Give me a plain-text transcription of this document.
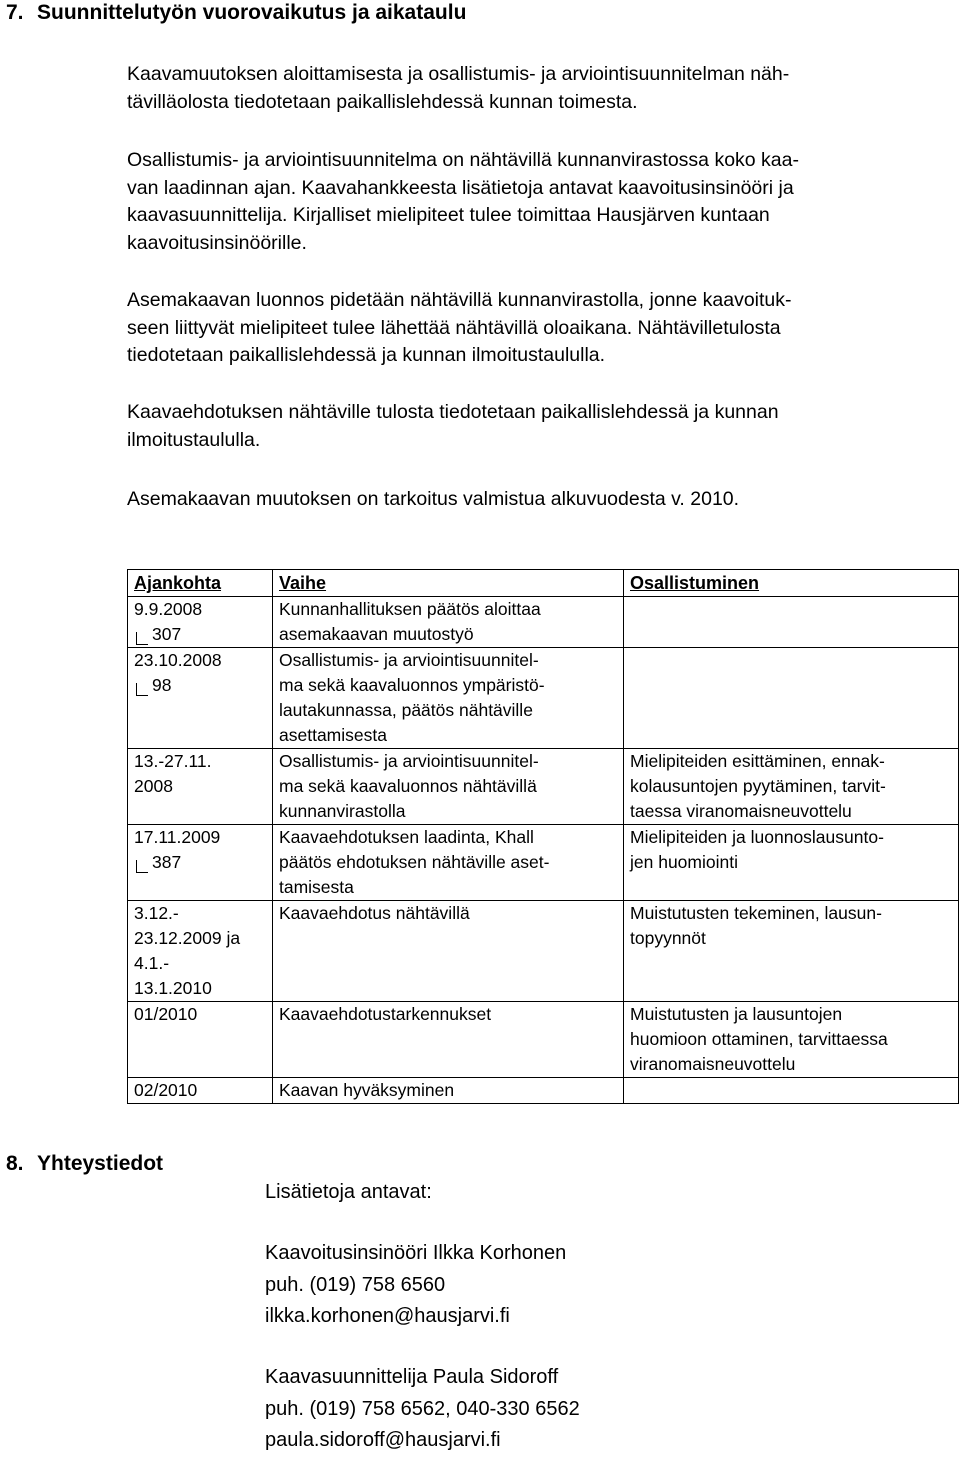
7. Suunnittelutyön vuorovaikutus ja aikataulu

Kaavamuutoksen aloittamisesta ja osallistumis- ja arviointisuunnitelman näh-
tävilläolosta tiedotetaan paikallislehdessä kunnan toimesta.

Osallistumis- ja arviointisuunnitelma on nähtävillä kunnanvirastossa koko kaa-
van laadinnan ajan. Kaavahankkeesta lisätietoja antavat kaavoitusinsinööri ja
kaavasuunnittelija. Kirjalliset mielipiteet tulee toimittaa Hausjärven kuntaan
kaavoitusinsinöörille.

Asemakaavan luonnos pidetään nähtävillä kunnanvirastolla, jonne kaavoituk-
seen liittyvät mielipiteet tulee lähettää nähtävillä oloaikana. Nähtävilletulosta
tiedotetaan paikallislehdessä ja kunnan ilmoitustaululla.

Kaavaehdotuksen nähtäville tulosta tiedotetaan paikallislehdessä ja kunnan
ilmoitustaululla.

Asemakaavan muutoksen on tarkoitus valmistua alkuvuodesta v. 2010.

Ajankohta	Vaihe	Osallistuminen

9.9.2008
307	Kunnanhallituksen päätös aloittaa
asemakaavan muutostyö	

23.10.2008
98	Osallistumis- ja arviointisuunnitel-
ma sekä kaavaluonnos ympäristö-
lautakunnassa, päätös nähtäville
asettamisesta	

13.-27.11.
2008	Osallistumis- ja arviointisuunnitel-
ma sekä kaavaluonnos nähtävillä
kunnanvirastolla	Mielipiteiden esittäminen, ennak-
kolausuntojen pyytäminen, tarvit-
taessa viranomaisneuvottelu

17.11.2009
387	Kaavaehdotuksen laadinta, Khall
päätös ehdotuksen nähtäville aset-
tamisesta	Mielipiteiden ja luonnoslausunto-
jen huomiointi

3.12.-
23.12.2009 ja
4.1.-
13.1.2010	Kaavaehdotus nähtävillä	Muistutusten tekeminen, lausun-
topyynnöt

01/2010	Kaavaehdotustarkennukset	Muistutusten ja lausuntojen
huomioon ottaminen, tarvittaessa
viranomaisneuvottelu

02/2010	Kaavan hyväksyminen	

8. Yhteystiedot

Lisätietoja antavat:

Kaavoitusinsinööri Ilkka Korhonen
puh. (019) 758 6560
ilkka.korhonen@hausjarvi.fi

Kaavasuunnittelija Paula Sidoroff
puh. (019) 758 6562, 040-330 6562
paula.sidoroff@hausjarvi.fi
